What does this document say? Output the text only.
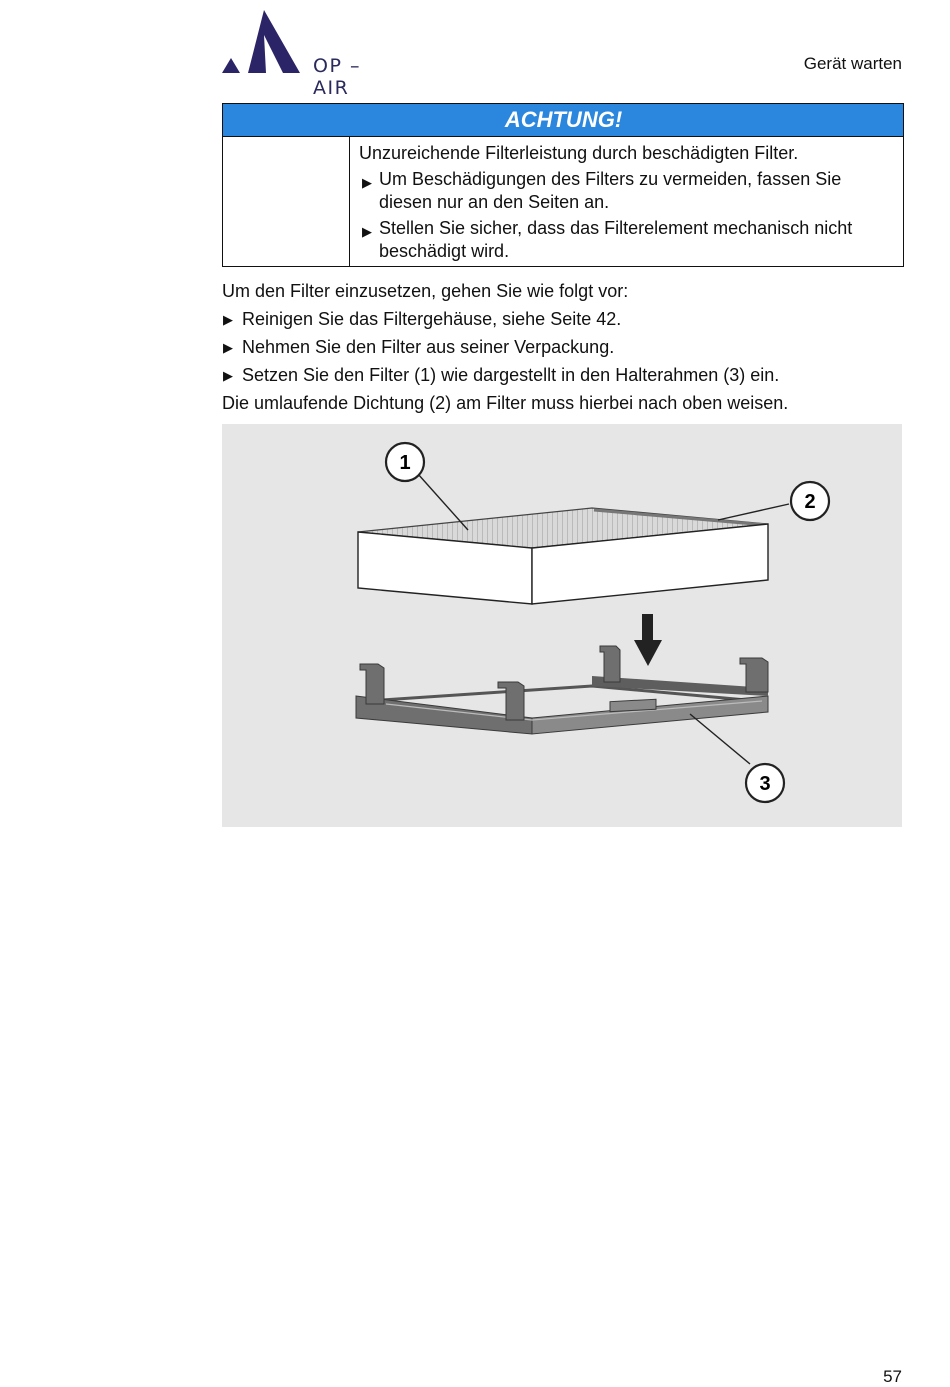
OP – AIR
Gerät warten
ACHTUNG!

Unzureichende Filterleistung durch beschädigten Filter.

▶ Um Beschädigungen des Filters zu vermeiden, fassen Sie diesen nur an den Seiten an.
▶ Stellen Sie sicher, dass das Filterelement mechanisch nicht beschädigt wird.

Um den Filter einzusetzen, gehen Sie wie folgt vor:

▶ Reinigen Sie das Filtergehäuse, siehe Seite 42.
▶ Nehmen Sie den Filter aus seiner Verpackung.
▶ Setzen Sie den Filter (1) wie dargestellt in den Halterahmen (3) ein.

Die umlaufende Dichtung (2) am Filter muss hierbei nach oben weisen.

1
2
3
57
